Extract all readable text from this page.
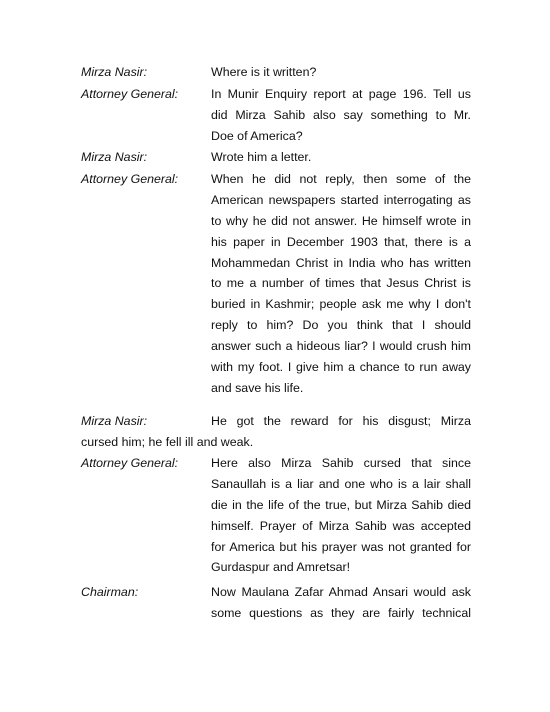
Mirza Nasir:	Where is it written?
Attorney General:	In Munir Enquiry report at page 196. Tell us
did Mirza Sahib also say something to Mr.
Doe of America?
Mirza Nasir:	Wrote him a letter.
Attorney General:	When he did not reply, then some of the
American newspapers started interrogating as
to why he did not answer. He himself wrote in
his paper in December 1903 that, there is a
Mohammedan Christ in India who has written
to me a number of times that Jesus Christ is
buried in Kashmir; people ask me why I don't
reply to him? Do you think that I should
answer such a hideous liar? I would crush him
with my foot. I give him a chance to run away
and save his life.
Mirza Nasir:	He got the reward for his disgust; Mirza
cursed him; he fell ill and weak.
Attorney General:	Here also Mirza Sahib cursed that since
Sanaullah is a liar and one who is a lair shall
die in the life of the true, but Mirza Sahib died
himself. Prayer of Mirza Sahib was accepted
for America but his prayer was not granted for
Gurdaspur and Amretsar!
Chairman:	Now Maulana Zafar Ahmad Ansari would ask
some questions as they are fairly technical
